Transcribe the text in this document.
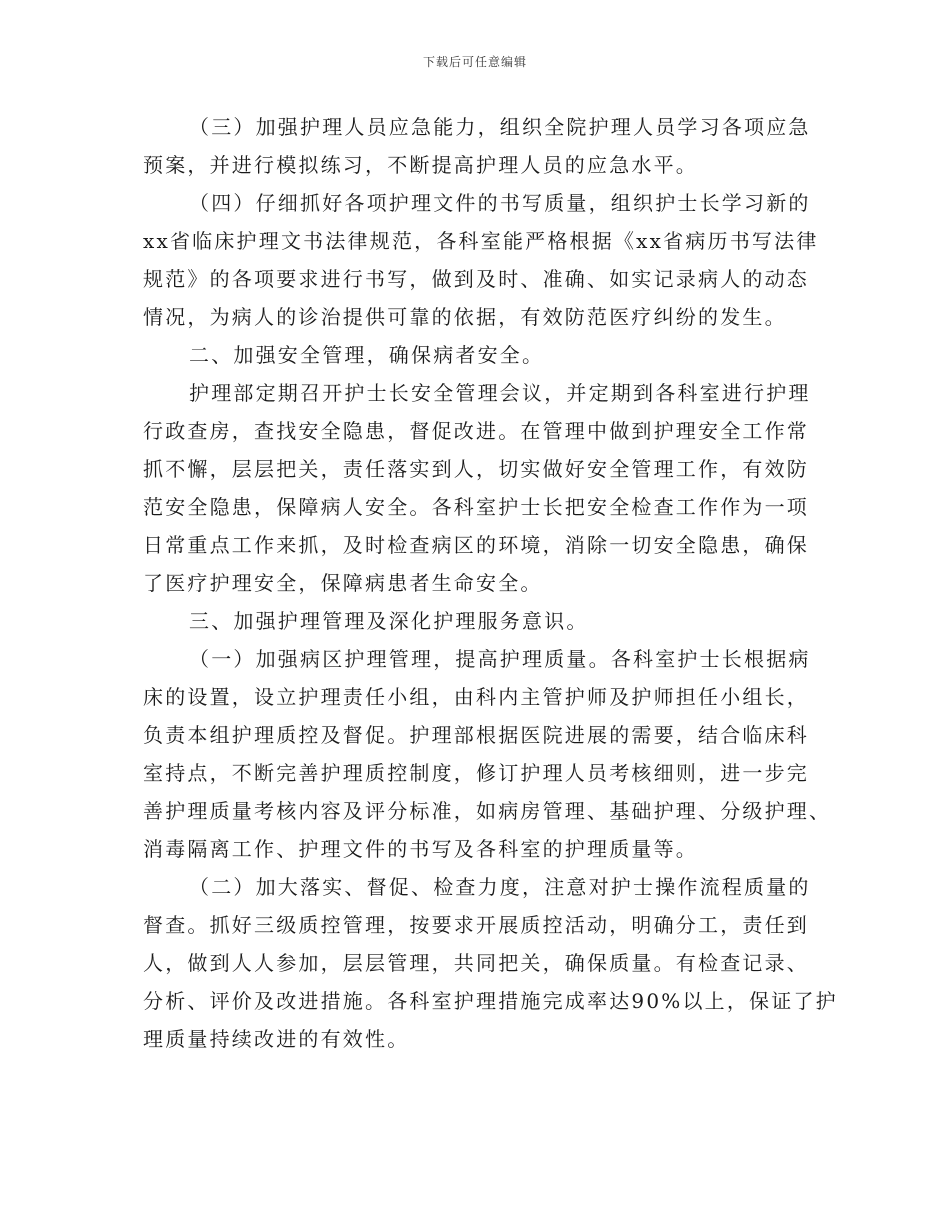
下载后可任意编辑

（三）加强护理人员应急能力，组织全院护理人员学习各项应急
预案，并进行模拟练习，不断提高护理人员的应急水平。

（四）仔细抓好各项护理文件的书写质量，组织护士长学习新的
xx省临床护理文书法律规范，各科室能严格根据《xx省病历书写法律
规范》的各项要求进行书写，做到及时、准确、如实记录病人的动态
情况，为病人的诊治提供可靠的依据，有效防范医疗纠纷的发生。

二、加强安全管理，确保病者安全。

护理部定期召开护士长安全管理会议，并定期到各科室进行护理
行政查房，查找安全隐患，督促改进。在管理中做到护理安全工作常
抓不懈，层层把关，责任落实到人，切实做好安全管理工作，有效防
范安全隐患，保障病人安全。各科室护士长把安全检查工作作为一项
日常重点工作来抓，及时检查病区的环境，消除一切安全隐患，确保
了医疗护理安全，保障病患者生命安全。

三、加强护理管理及深化护理服务意识。

（一）加强病区护理管理，提高护理质量。各科室护士长根据病
床的设置，设立护理责任小组，由科内主管护师及护师担任小组长，
负责本组护理质控及督促。护理部根据医院进展的需要，结合临床科
室持点，不断完善护理质控制度，修订护理人员考核细则，进一步完
善护理质量考核内容及评分标准，如病房管理、基础护理、分级护理、
消毒隔离工作、护理文件的书写及各科室的护理质量等。

（二）加大落实、督促、检查力度，注意对护士操作流程质量的
督查。抓好三级质控管理，按要求开展质控活动，明确分工，责任到
人，做到人人参加，层层管理，共同把关，确保质量。有检查记录、
分析、评价及改进措施。各科室护理措施完成率达90%以上，保证了护
理质量持续改进的有效性。
